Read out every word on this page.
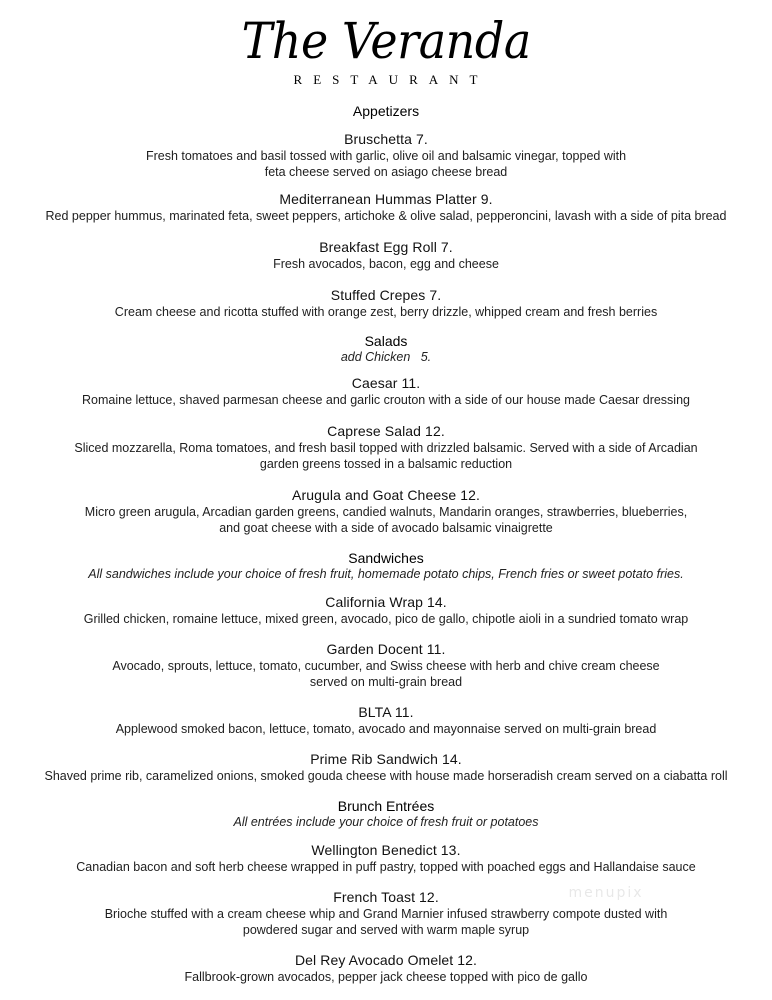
The Veranda
RESTAURANT
Appetizers
Bruschetta 7.
Fresh tomatoes and basil tossed with garlic, olive oil and balsamic vinegar, topped with
feta cheese served on asiago cheese bread
Mediterranean Hummas Platter 9.
Red pepper hummus, marinated feta, sweet peppers, artichoke & olive salad, pepperoncini, lavash with a side of pita bread
Breakfast Egg Roll 7.
Fresh avocados, bacon, egg and cheese
Stuffed Crepes 7.
Cream cheese and ricotta stuffed with orange zest, berry drizzle, whipped cream and fresh berries
Salads
add Chicken   5.
Caesar 11.
Romaine lettuce, shaved parmesan cheese and garlic crouton with a side of our house made Caesar dressing
Caprese Salad 12.
Sliced mozzarella, Roma tomatoes, and fresh basil topped with drizzled balsamic. Served with a side of Arcadian
garden greens tossed in a balsamic reduction
Arugula and Goat Cheese 12.
Micro green arugula, Arcadian garden greens, candied walnuts, Mandarin oranges, strawberries, blueberries,
and goat cheese with a side of avocado balsamic vinaigrette
Sandwiches
All sandwiches include your choice of fresh fruit, homemade potato chips, French fries or sweet potato fries.
California Wrap 14.
Grilled chicken, romaine lettuce, mixed green, avocado, pico de gallo, chipotle aioli in a sundried tomato wrap
Garden Docent 11.
Avocado, sprouts, lettuce, tomato, cucumber, and Swiss cheese with herb and chive cream cheese
served on multi-grain bread
BLTA 11.
Applewood smoked bacon, lettuce, tomato, avocado and mayonnaise served on multi-grain bread
Prime Rib Sandwich 14.
Shaved prime rib, caramelized onions, smoked gouda cheese with house made horseradish cream served on a ciabatta roll
Brunch Entrées
All entrées include your choice of fresh fruit or potatoes
Wellington Benedict 13.
Canadian bacon and soft herb cheese wrapped in puff pastry, topped with poached eggs and Hallandaise sauce
French Toast 12.
Brioche stuffed with a cream cheese whip and Grand Marnier infused strawberry compote dusted with
powdered sugar and served with warm maple syrup
Del Rey Avocado Omelet 12.
Fallbrook-grown avocados, pepper jack cheese topped with pico de gallo
menupix
